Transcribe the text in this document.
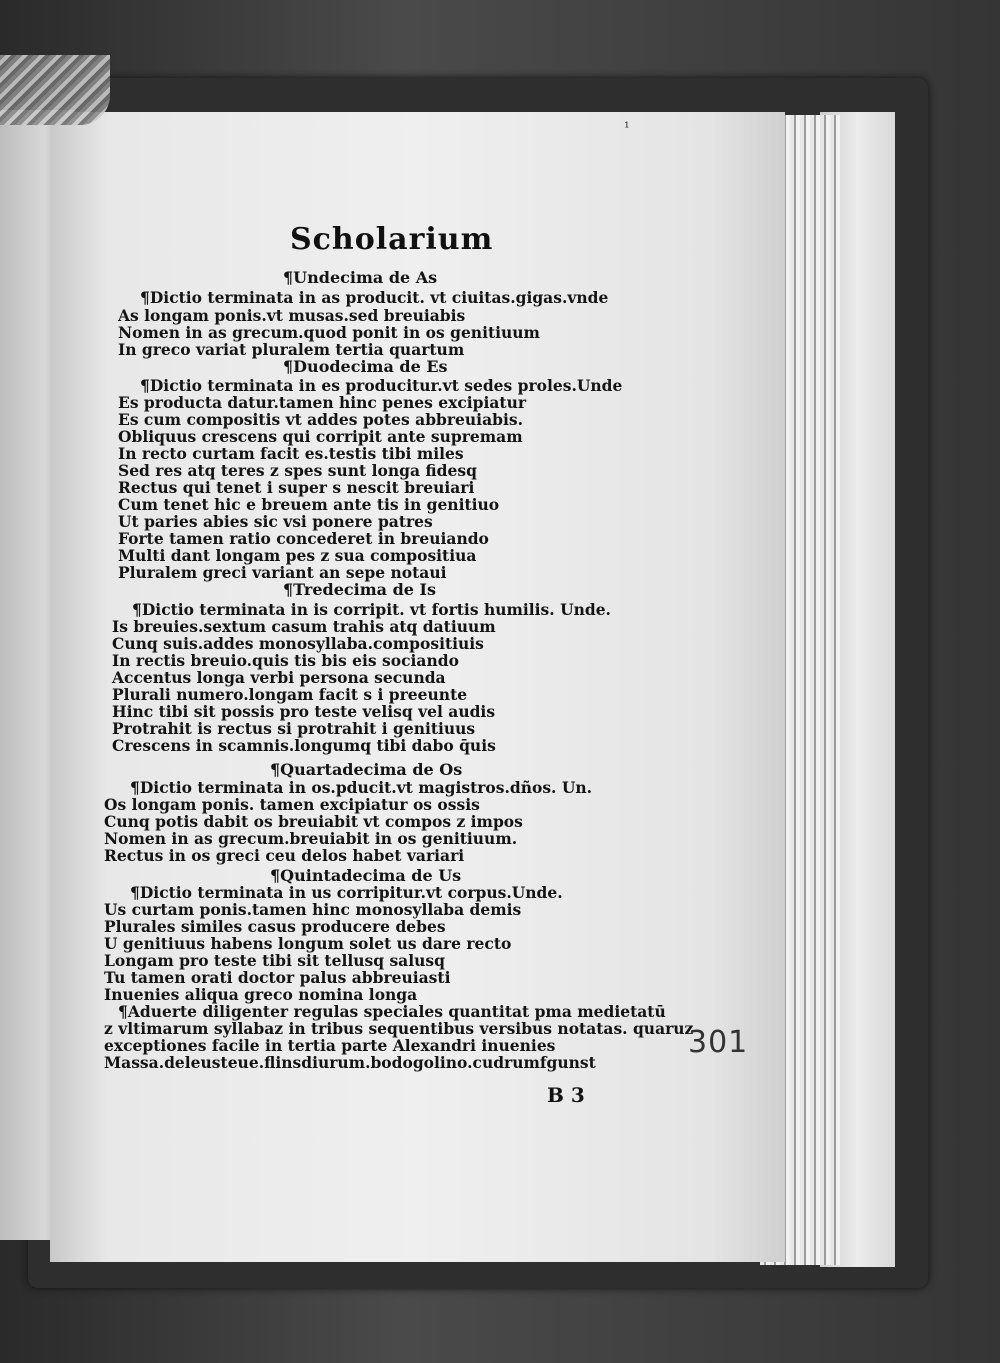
¹
Scholarium
¶Undecima de As
¶Dictio terminata in as producit. vt ciuitas.gigas.vnde
As longam ponis.vt musas.sed breuiabis
Nomen in as grecum.quod ponit in os genitiuum
In greco variat pluralem tertia quartum
¶Duodecima de Es
¶Dictio terminata in es producitur.vt sedes proles.Unde
Es producta datur.tamen hinc penes excipiatur
Es cum compositis vt addes potes abbreuiabis.
Obliquus crescens qui corripit ante supremam
In recto curtam facit es.testis tibi miles
Sed res atq teres z spes sunt longa fidesq
Rectus qui tenet i super s nescit breuiari
Cum tenet hic e breuem ante tis in genitiuo
Ut paries abies sic vsi ponere patres
Forte tamen ratio concederet in breuiando
Multi dant longam pes z sua compositiua
Pluralem greci variant an sepe notaui
¶Tredecima de Is
¶Dictio terminata in is corripit. vt fortis humilis. Unde.
Is breuies.sextum casum trahis atq datiuum
Cunq suis.addes monosyllaba.compositiuis
In rectis breuio.quis tis bis eis sociando
Accentus longa verbi persona secunda
Plurali numero.longam facit s i preeunte
Hinc tibi sit possis pro teste velisq vel audis
Protrahit is rectus si protrahit i genitiuus
Crescens in scamnis.longumq tibi dabo q̄uis
¶Quartadecima de Os
¶Dictio terminata in os.pducit.vt magistros.dños. Un.
Os longam ponis. tamen excipiatur os ossis
Cunq potis dabit os breuiabit vt compos z impos
Nomen in as grecum.breuiabit in os genitiuum.
Rectus in os greci ceu delos habet variari
¶Quintadecima de Us
¶Dictio terminata in us corripitur.vt corpus.Unde.
Us curtam ponis.tamen hinc monosyllaba demis
Plurales similes casus producere debes
U genitiuus habens longum solet us dare recto
Longam pro teste tibi sit tellusq salusq
Tu tamen orati doctor palus abbreuiasti
Inuenies aliqua greco nomina longa
¶Aduerte diligenter regulas speciales quantitat pma medietatū
z vltimarum syllabaz in tribus sequentibus versibus notatas. quaruz
exceptiones facile in tertia parte Alexandri inuenies
Massa.deleusteue.flinsdiurum.bodogolino.cudrumfgunst
B 3
301
